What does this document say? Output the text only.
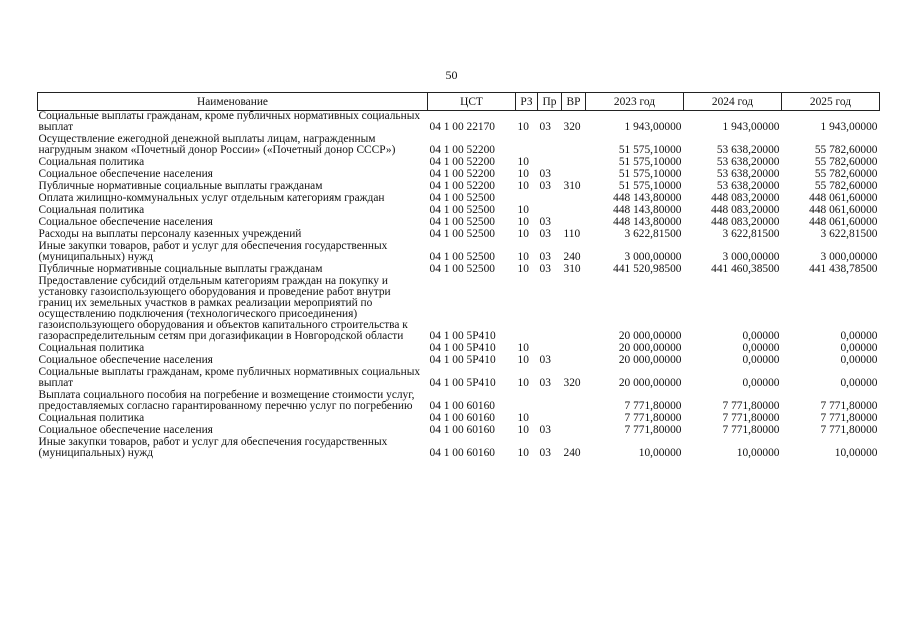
50
Наименование	ЦСТ	РЗ	Пр	ВР	2023 год	2024 год	2025 год
Социальные выплаты гражданам, кроме публичных нормативных социальных выплат	04 1 00 22170	10	03	320	1 943,00000	1 943,00000	1 943,00000
Осуществление ежегодной денежной выплаты лицам, награжденным нагрудным знаком «Почетный донор России» («Почетный донор СССР»)	04 1 00 52200				51 575,10000	53 638,20000	55 782,60000
Социальная политика	04 1 00 52200	10			51 575,10000	53 638,20000	55 782,60000
Социальное обеспечение населения	04 1 00 52200	10	03		51 575,10000	53 638,20000	55 782,60000
Публичные нормативные социальные выплаты гражданам	04 1 00 52200	10	03	310	51 575,10000	53 638,20000	55 782,60000
Оплата жилищно-коммунальных услуг отдельным категориям граждан	04 1 00 52500				448 143,80000	448 083,20000	448 061,60000
Социальная политика	04 1 00 52500	10			448 143,80000	448 083,20000	448 061,60000
Социальное обеспечение населения	04 1 00 52500	10	03		448 143,80000	448 083,20000	448 061,60000
Расходы на выплаты персоналу казенных учреждений	04 1 00 52500	10	03	110	3 622,81500	3 622,81500	3 622,81500
Иные закупки товаров, работ и услуг для обеспечения государственных (муниципальных) нужд	04 1 00 52500	10	03	240	3 000,00000	3 000,00000	3 000,00000
Публичные нормативные социальные выплаты гражданам	04 1 00 52500	10	03	310	441 520,98500	441 460,38500	441 438,78500
Предоставление субсидий отдельным категориям граждан на покупку и установку газоиспользующего оборудования и проведение работ внутри границ их земельных участков в рамках реализации мероприятий по осуществлению подключения (технологического присоединения) газоиспользующего оборудования и объектов капитального строительства к газораспределительным сетям при догазификации в Новгородской области	04 1 00 5P410				20 000,00000	0,00000	0,00000
Социальная политика	04 1 00 5P410	10			20 000,00000	0,00000	0,00000
Социальное обеспечение населения	04 1 00 5P410	10	03		20 000,00000	0,00000	0,00000
Социальные выплаты гражданам, кроме публичных нормативных социальных выплат	04 1 00 5P410	10	03	320	20 000,00000	0,00000	0,00000
Выплата социального пособия на погребение и возмещение стоимости услуг, предоставляемых согласно гарантированному перечню услуг по погребению	04 1 00 60160				7 771,80000	7 771,80000	7 771,80000
Социальная политика	04 1 00 60160	10			7 771,80000	7 771,80000	7 771,80000
Социальное обеспечение населения	04 1 00 60160	10	03		7 771,80000	7 771,80000	7 771,80000
Иные закупки товаров, работ и услуг для обеспечения государственных (муниципальных) нужд	04 1 00 60160	10	03	240	10,00000	10,00000	10,00000
